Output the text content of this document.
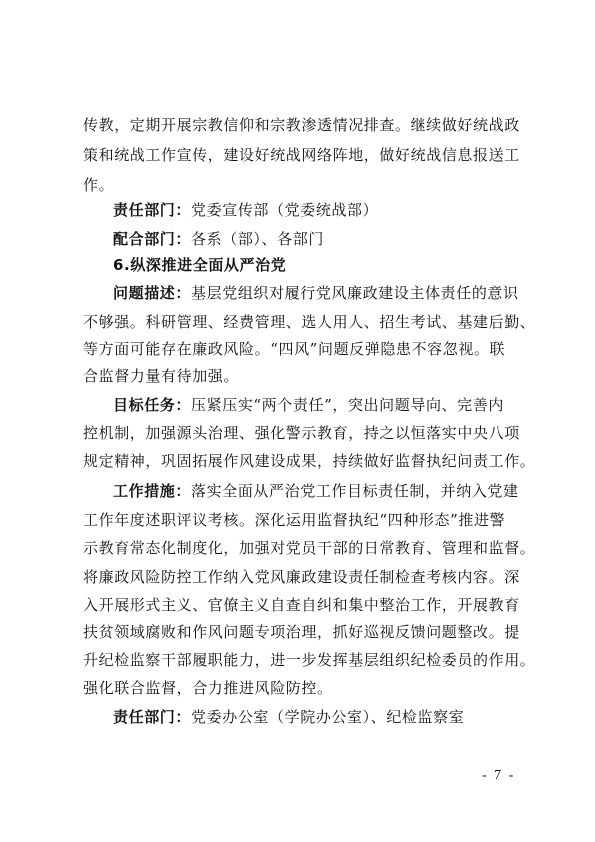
传教，定期开展宗教信仰和宗教渗透情况排查。继续做好统战政
策和统战工作宣传，建设好统战网络阵地，做好统战信息报送工
作。
责任部门：党委宣传部（党委统战部）
配合部门：各系（部）、各部门
6.纵深推进全面从严治党
问题描述：基层党组织对履行党风廉政建设主体责任的意识
不够强。科研管理、经费管理、选人用人、招生考试、基建后勤、
等方面可能存在廉政风险。“四风”问题反弹隐患不容忽视。联
合监督力量有待加强。
目标任务：压紧压实“两个责任”，突出问题导向、完善内
控机制，加强源头治理、强化警示教育，持之以恒落实中央八项
规定精神，巩固拓展作风建设成果，持续做好监督执纪问责工作。
工作措施：落实全面从严治党工作目标责任制，并纳入党建
工作年度述职评议考核。深化运用监督执纪“四种形态”推进警
示教育常态化制度化，加强对党员干部的日常教育、管理和监督。
将廉政风险防控工作纳入党风廉政建设责任制检查考核内容。深
入开展形式主义、官僚主义自查自纠和集中整治工作，开展教育
扶贫领域腐败和作风问题专项治理，抓好巡视反馈问题整改。提
升纪检监察干部履职能力，进一步发挥基层组织纪检委员的作用。
强化联合监督，合力推进风险防控。
责任部门：党委办公室（学院办公室）、纪检监察室
- 7 -
